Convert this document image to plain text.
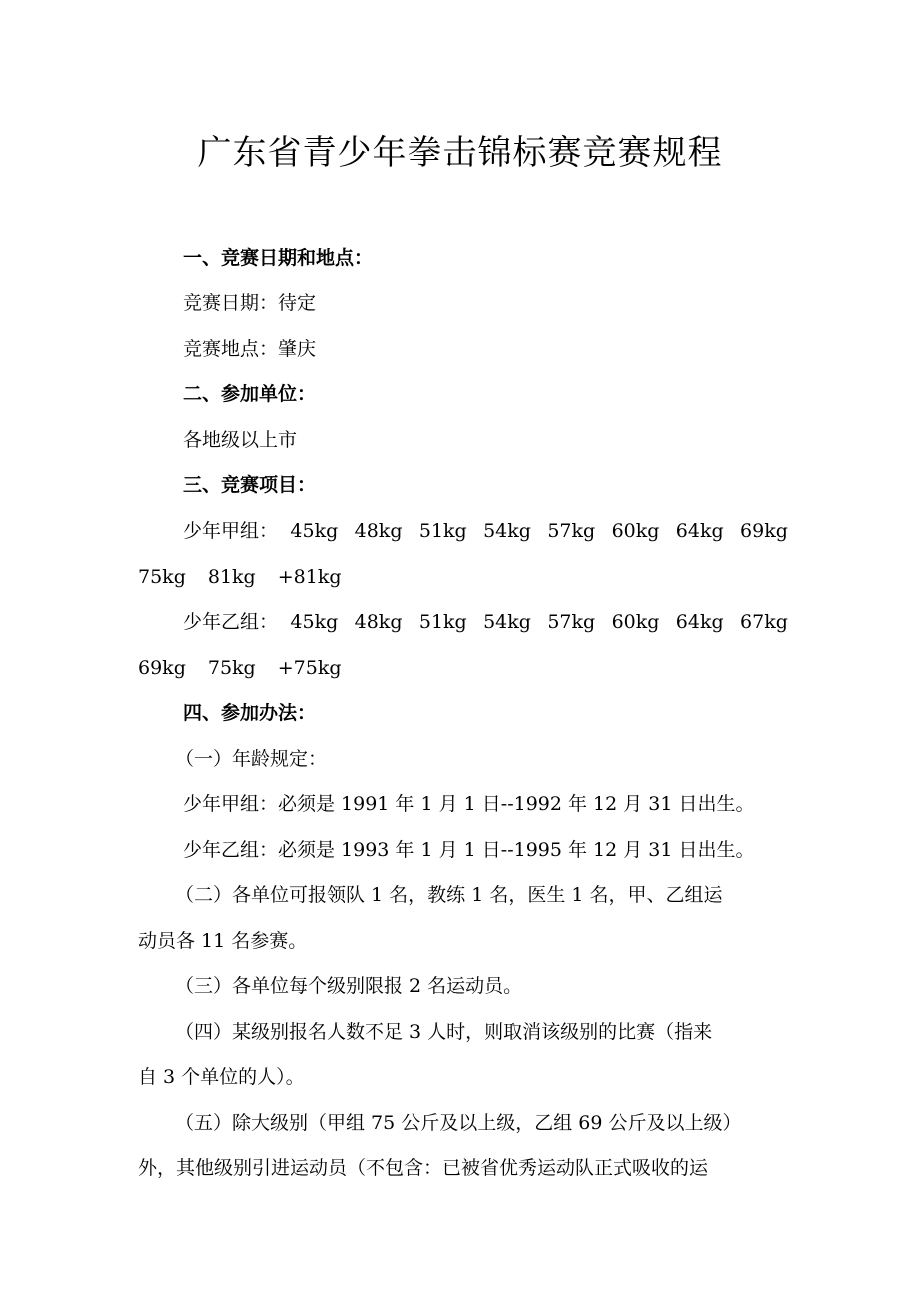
广东省青少年拳击锦标赛竞赛规程
一、竞赛日期和地点：
竞赛日期：待定
竞赛地点：肇庆
二、参加单位：
各地级以上市
三、竞赛项目：
少年甲组： 45kg 48kg 51kg 54kg 57kg 60kg 64kg 69kg
75kg 81kg +81kg
少年乙组： 45kg 48kg 51kg 54kg 57kg 60kg 64kg 67kg
69kg 75kg +75kg
四、参加办法：
（一）年龄规定：
少年甲组：必须是 1991 年 1 月 1 日--1992 年 12 月 31 日出生。
少年乙组：必须是 1993 年 1 月 1 日--1995 年 12 月 31 日出生。
（二）各单位可报领队 1 名，教练 1 名，医生 1 名，甲、乙组运
动员各 11 名参赛。
（三）各单位每个级别限报 2 名运动员。
（四）某级别报名人数不足 3 人时，则取消该级别的比赛（指来
自 3 个单位的人）。
（五）除大级别（甲组 75 公斤及以上级，乙组 69 公斤及以上级）
外，其他级别引进运动员（不包含：已被省优秀运动队正式吸收的运
